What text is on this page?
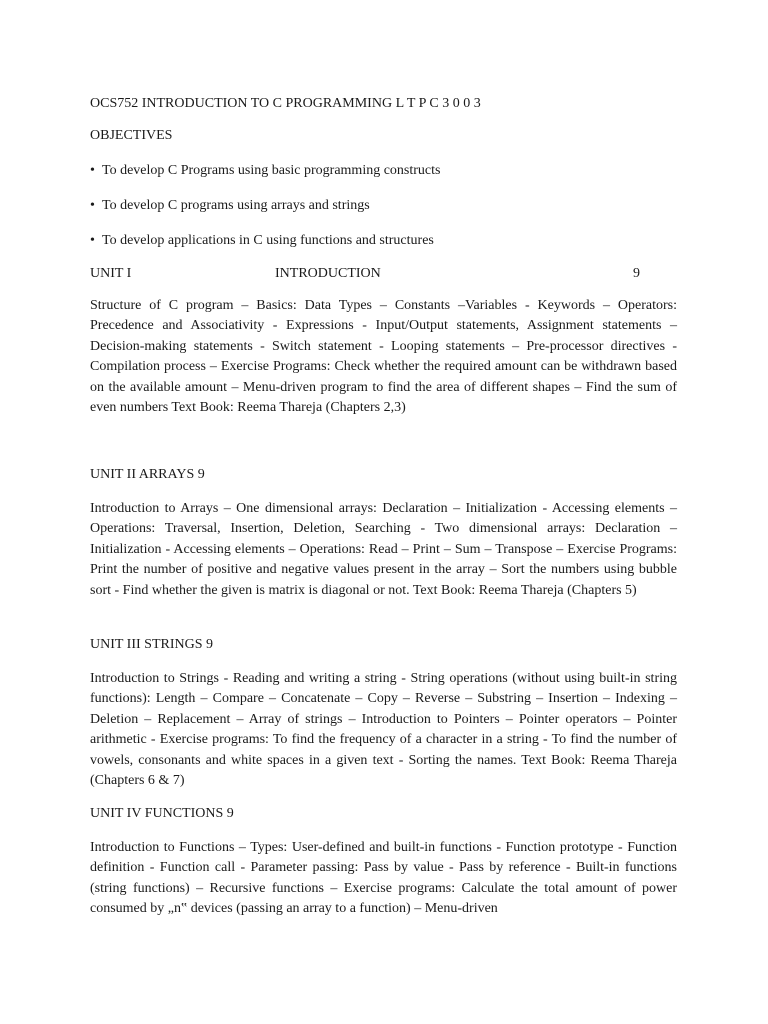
OCS752 INTRODUCTION TO C PROGRAMMING L T P C 3 0 0 3
OBJECTIVES
• To develop C Programs using basic programming constructs
• To develop C programs using arrays and strings
• To develop applications in C using functions and structures
UNIT I	INTRODUCTION	9

Structure of C program – Basics: Data Types – Constants –Variables - Keywords – Operators: Precedence and Associativity - Expressions - Input/Output statements, Assignment statements – Decision-making statements - Switch statement - Looping statements – Pre-processor directives - Compilation process – Exercise Programs: Check whether the required amount can be withdrawn based on the available amount – Menu-driven program to find the area of different shapes – Find the sum of even numbers Text Book: Reema Thareja (Chapters 2,3)

UNIT II ARRAYS 9

Introduction to Arrays – One dimensional arrays: Declaration – Initialization - Accessing elements – Operations: Traversal, Insertion, Deletion, Searching - Two dimensional arrays: Declaration – Initialization - Accessing elements – Operations: Read – Print – Sum – Transpose – Exercise Programs: Print the number of positive and negative values present in the array – Sort the numbers using bubble sort - Find whether the given is matrix is diagonal or not. Text Book: Reema Thareja (Chapters 5)

UNIT III STRINGS 9

Introduction to Strings - Reading and writing a string - String operations (without using built-in string functions): Length – Compare – Concatenate – Copy – Reverse – Substring – Insertion – Indexing – Deletion – Replacement – Array of strings – Introduction to Pointers – Pointer operators – Pointer arithmetic - Exercise programs: To find the frequency of a character in a string - To find the number of vowels, consonants and white spaces in a given text - Sorting the names. Text Book: Reema Thareja (Chapters 6 & 7)

UNIT IV FUNCTIONS 9

Introduction to Functions – Types: User-defined and built-in functions - Function prototype - Function definition - Function call - Parameter passing: Pass by value - Pass by reference - Built-in functions (string functions) – Recursive functions – Exercise programs: Calculate the total amount of power consumed by „n‟ devices (passing an array to a function) – Menu-driven
